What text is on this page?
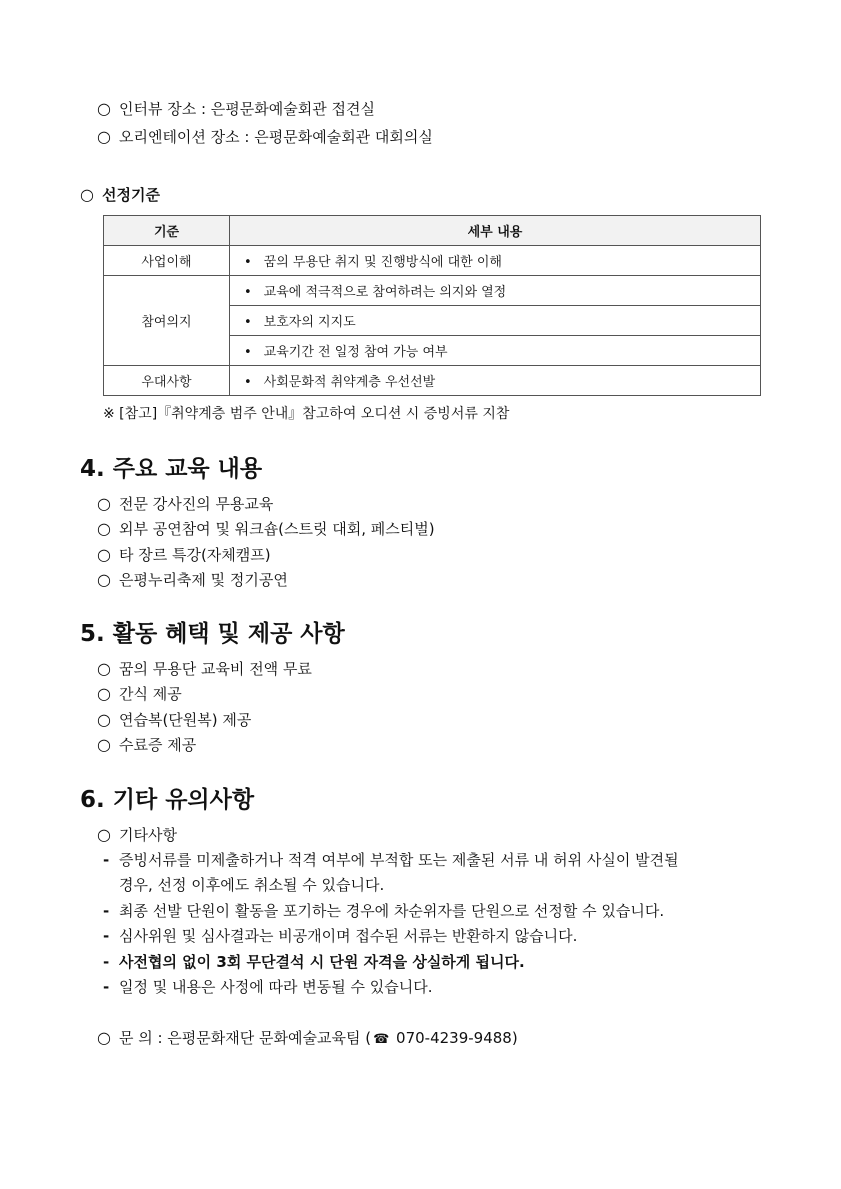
○ 인터뷰 장소 : 은평문화예술회관 접견실
○ 오리엔테이션 장소 : 은평문화예술회관 대회의실
○ 선정기준
기준	세부 내용
사업이해	• 꿈의 무용단 취지 및 진행방식에 대한 이해
참여의지	• 교육에 적극적으로 참여하려는 의지와 열정
	• 보호자의 지지도
	• 교육기간 전 일정 참여 가능 여부
우대사항	• 사회문화적 취약계층 우선선발
※ [참고]『취약계층 범주 안내』참고하여 오디션 시 증빙서류 지참
4. 주요 교육 내용
○ 전문 강사진의 무용교육
○ 외부 공연참여 및 워크숍(스트릿 대회, 페스티벌)
○ 타 장르 특강(자체캠프)
○ 은평누리축제 및 정기공연
5. 활동 혜택 및 제공 사항
○ 꿈의 무용단 교육비 전액 무료
○ 간식 제공
○ 연습복(단원복) 제공
○ 수료증 제공
6. 기타 유의사항
○ 기타사항
- 증빙서류를 미제출하거나 적격 여부에 부적합 또는 제출된 서류 내 허위 사실이 발견될
경우, 선정 이후에도 취소될 수 있습니다.
- 최종 선발 단원이 활동을 포기하는 경우에 차순위자를 단원으로 선정할 수 있습니다.
- 심사위원 및 심사결과는 비공개이며 접수된 서류는 반환하지 않습니다.
- 사전협의 없이 3회 무단결석 시 단원 자격을 상실하게 됩니다.
- 일정 및 내용은 사정에 따라 변동될 수 있습니다.
○ 문 의 : 은평문화재단 문화예술교육팀 ( ☎ 070-4239-9488)
